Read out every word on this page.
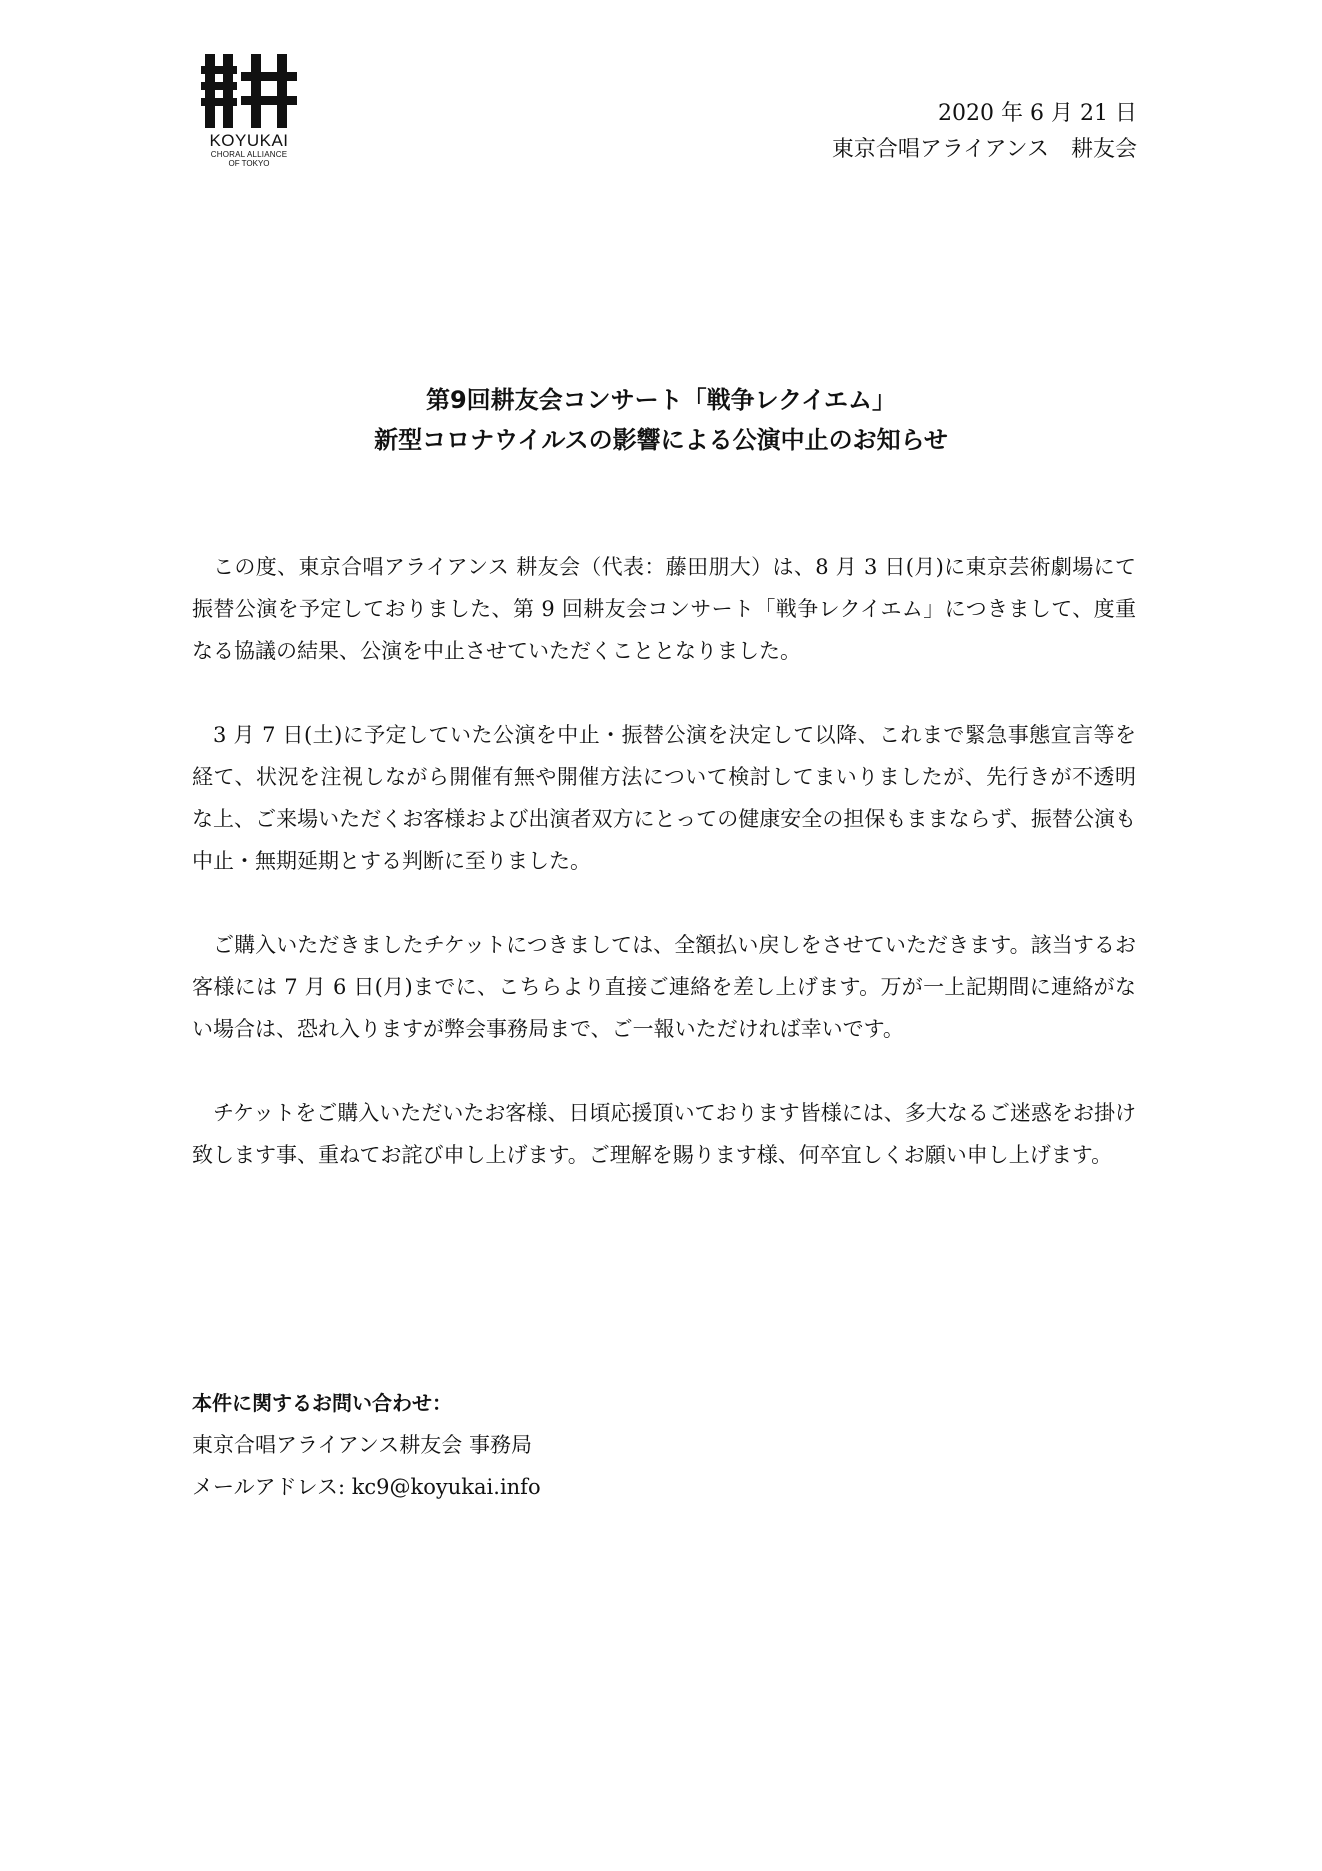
KOYUKAI
CHORAL ALLIANCE
OF TOKYO
2020 年 6 月 21 日
東京合唱アライアンス　耕友会
第9回耕友会コンサート「戦争レクイエム」
新型コロナウイルスの影響による公演中止のお知らせ

この度、東京合唱アライアンス 耕友会（代表：藤田朋大）は、8 月 3 日(月)に東京芸術劇場にて振替公演を予定しておりました、第 9 回耕友会コンサート「戦争レクイエム」につきまして、度重なる協議の結果、公演を中止させていただくこととなりました。

3 月 7 日(土)に予定していた公演を中止・振替公演を決定して以降、これまで緊急事態宣言等を経て、状況を注視しながら開催有無や開催方法について検討してまいりましたが、先行きが不透明な上、ご来場いただくお客様および出演者双方にとっての健康安全の担保もままならず、振替公演も中止・無期延期とする判断に至りました。

ご購入いただきましたチケットにつきましては、全額払い戻しをさせていただきます。該当するお客様には 7 月 6 日(月)までに、こちらより直接ご連絡を差し上げます。万が一上記期間に連絡がない場合は、恐れ入りますが弊会事務局まで、ご一報いただければ幸いです。

チケットをご購入いただいたお客様、日頃応援頂いております皆様には、多大なるご迷惑をお掛け致します事、重ねてお詫び申し上げます。ご理解を賜ります様、何卒宜しくお願い申し上げます。

本件に関するお問い合わせ：
東京合唱アライアンス耕友会 事務局
メールアドレス: kc9@koyukai.info
